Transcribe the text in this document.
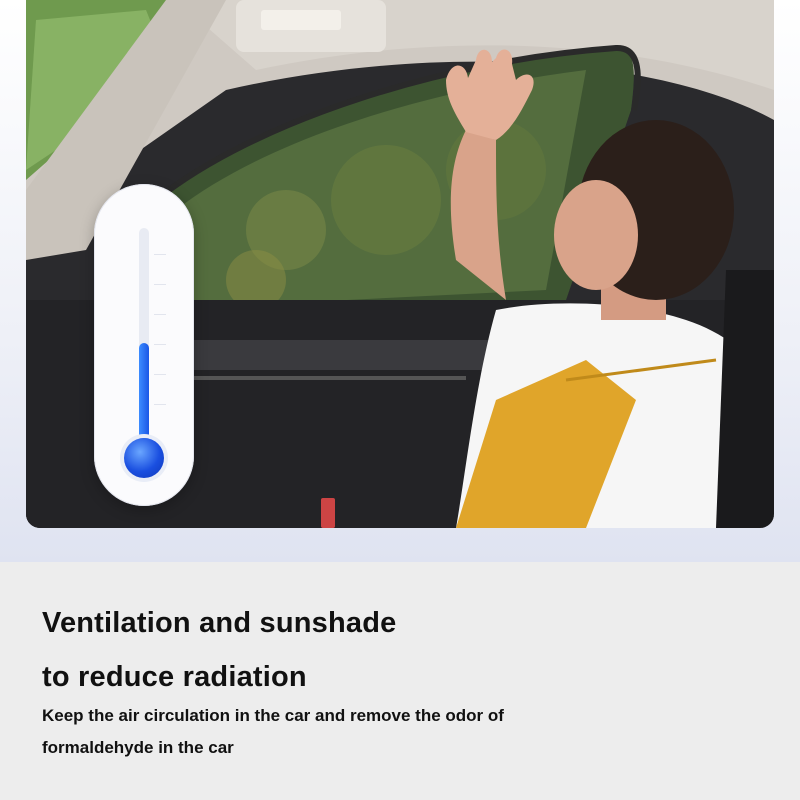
Ventilation and sunshade
to reduce radiation

Keep the air circulation in the car and remove the odor of
formaldehyde in the car
